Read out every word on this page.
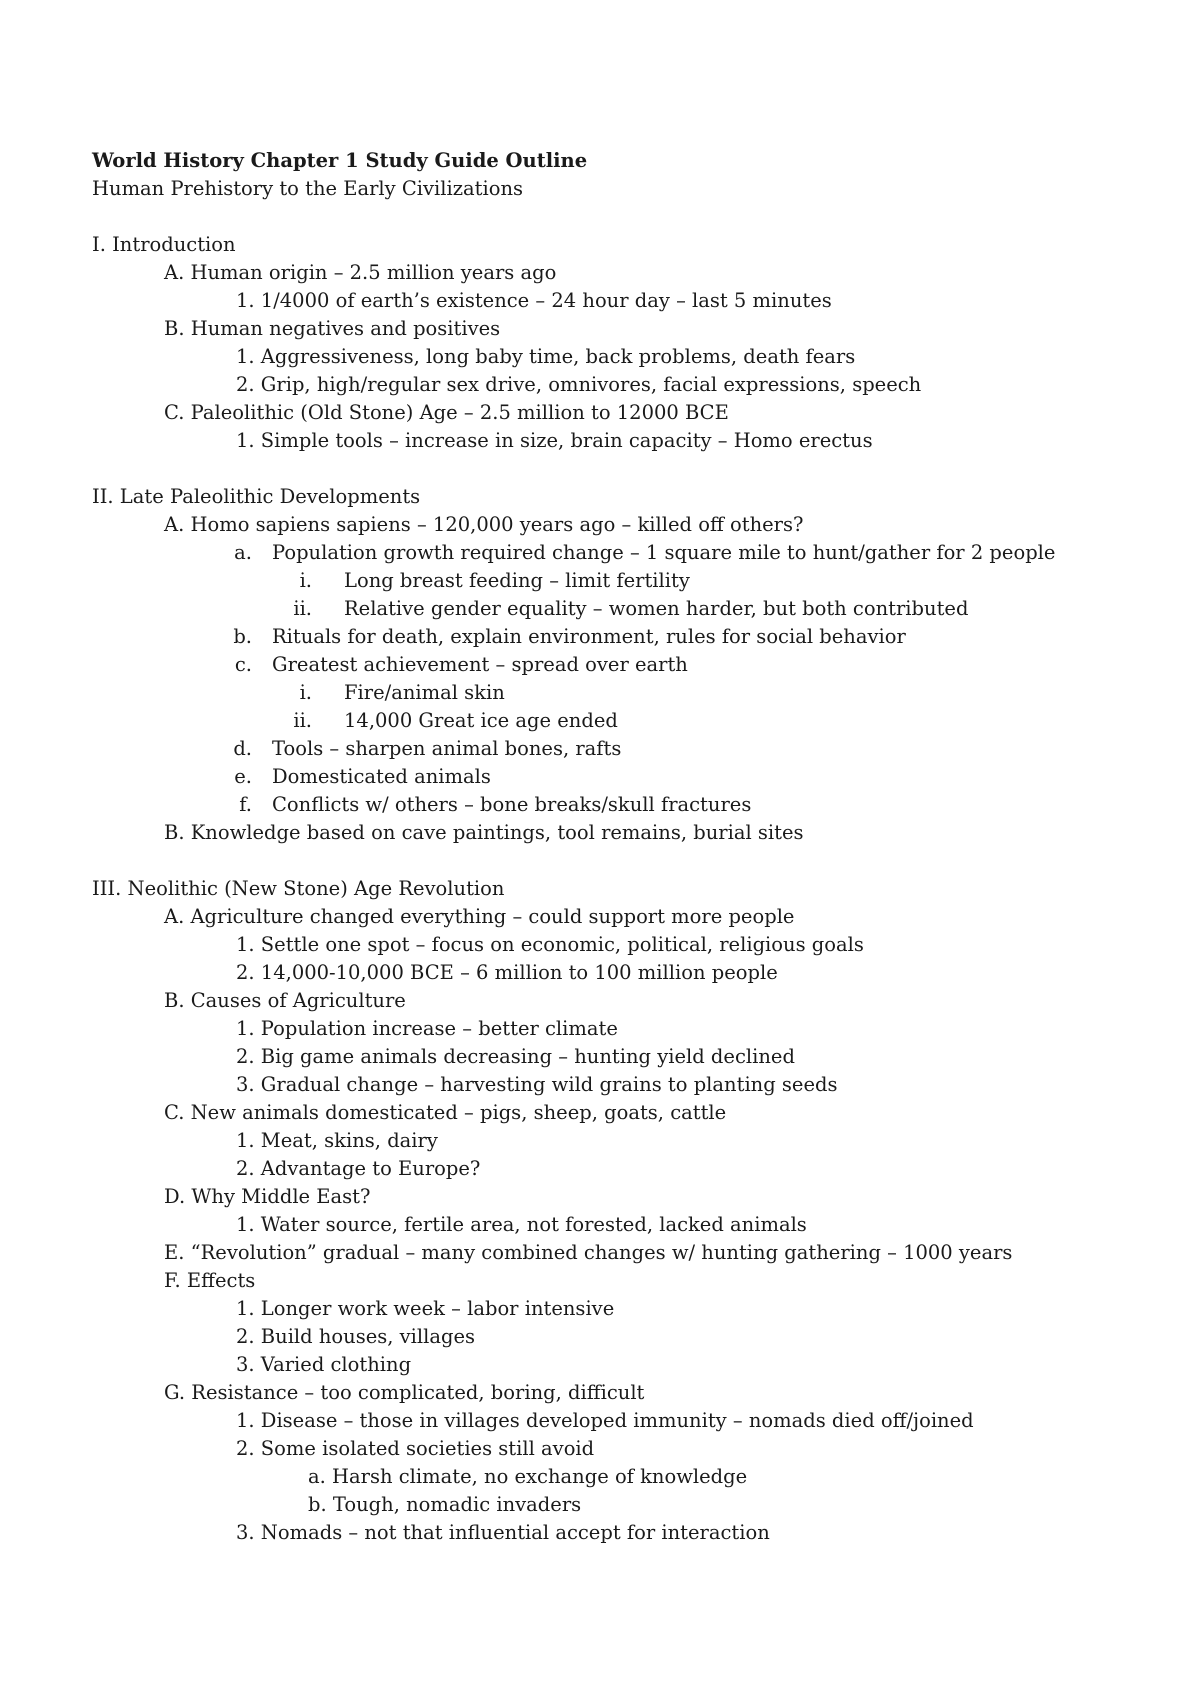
World History Chapter 1 Study Guide Outline
Human Prehistory to the Early Civilizations
I. Introduction
A. Human origin – 2.5 million years ago
1. 1/4000 of earth’s existence – 24 hour day – last 5 minutes
B. Human negatives and positives
1. Aggressiveness, long baby time, back problems, death fears
2. Grip, high/regular sex drive, omnivores, facial expressions, speech
C. Paleolithic (Old Stone) Age – 2.5 million to 12000 BCE
1. Simple tools – increase in size, brain capacity – Homo erectus
II. Late Paleolithic Developments
A. Homo sapiens sapiens – 120,000 years ago – killed off others?
a. Population growth required change – 1 square mile to hunt/gather for 2 people
i. Long breast feeding – limit fertility
ii. Relative gender equality – women harder, but both contributed
b. Rituals for death, explain environment, rules for social behavior
c. Greatest achievement – spread over earth
i. Fire/animal skin
ii. 14,000 Great ice age ended
d. Tools – sharpen animal bones, rafts
e. Domesticated animals
f. Conflicts w/ others – bone breaks/skull fractures
B. Knowledge based on cave paintings, tool remains, burial sites
III. Neolithic (New Stone) Age Revolution
A. Agriculture changed everything – could support more people
1. Settle one spot – focus on economic, political, religious goals
2. 14,000-10,000 BCE – 6 million to 100 million people
B. Causes of Agriculture
1. Population increase – better climate
2. Big game animals decreasing – hunting yield declined
3. Gradual change – harvesting wild grains to planting seeds
C. New animals domesticated – pigs, sheep, goats, cattle
1. Meat, skins, dairy
2. Advantage to Europe?
D. Why Middle East?
1. Water source, fertile area, not forested, lacked animals
E. “Revolution” gradual – many combined changes w/ hunting gathering – 1000 years
F. Effects
1. Longer work week – labor intensive
2. Build houses, villages
3. Varied clothing
G. Resistance – too complicated, boring, difficult
1. Disease – those in villages developed immunity – nomads died off/joined
2. Some isolated societies still avoid
a. Harsh climate, no exchange of knowledge
b. Tough, nomadic invaders
3. Nomads – not that influential accept for interaction
